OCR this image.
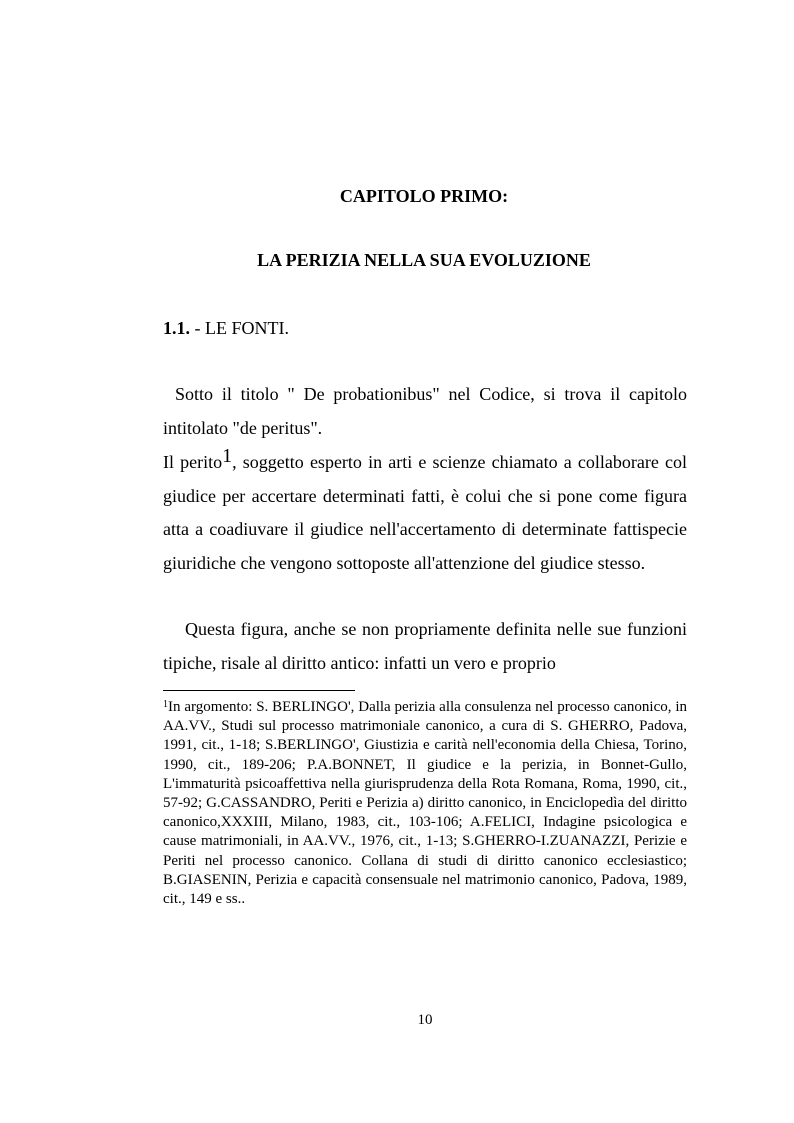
CAPITOLO PRIMO:
LA PERIZIA NELLA SUA EVOLUZIONE
1.1. - LE FONTI.
Sotto il titolo " De probationibus" nel Codice, si trova il capitolo intitolato "de peritus".
Il perito1, soggetto esperto in arti e scienze chiamato a collaborare col giudice per accertare determinati fatti, è colui che si pone come figura atta a coadiuvare il giudice nell'accertamento di determinate fattispecie giuridiche che vengono sottoposte all'attenzione del giudice stesso.
Questa figura, anche se non propriamente definita nelle sue funzioni tipiche, risale al diritto antico: infatti un vero e proprio
$^1$In argomento: S. BERLINGO', Dalla perizia alla consulenza nel processo canonico, in AA.VV., Studi sul processo matrimoniale canonico, a cura di S. GHERRO, Padova, 1991, cit., 1-18; S.BERLINGO', Giustizia e carità nell'economia della Chiesa, Torino, 1990, cit., 189-206; P.A.BONNET, Il giudice e la perizia, in Bonnet-Gullo, L'immaturità psicoaffettiva nella giurisprudenza della Rota Romana, Roma, 1990, cit., 57-92; G.CASSANDRO, Periti e Perizia a) diritto canonico, in Enciclopedìa del diritto canonico,XXXIII, Milano, 1983, cit., 103-106; A.FELICI, Indagine psicologica e cause matrimoniali, in AA.VV., 1976, cit., 1-13; S.GHERRO-I.ZUANAZZI, Perizie e Periti nel processo canonico. Collana di studi di diritto canonico ecclesiastico; B.GIASENIN, Perizia e capacità consensuale nel matrimonio canonico, Padova, 1989, cit., 149 e ss..
10
